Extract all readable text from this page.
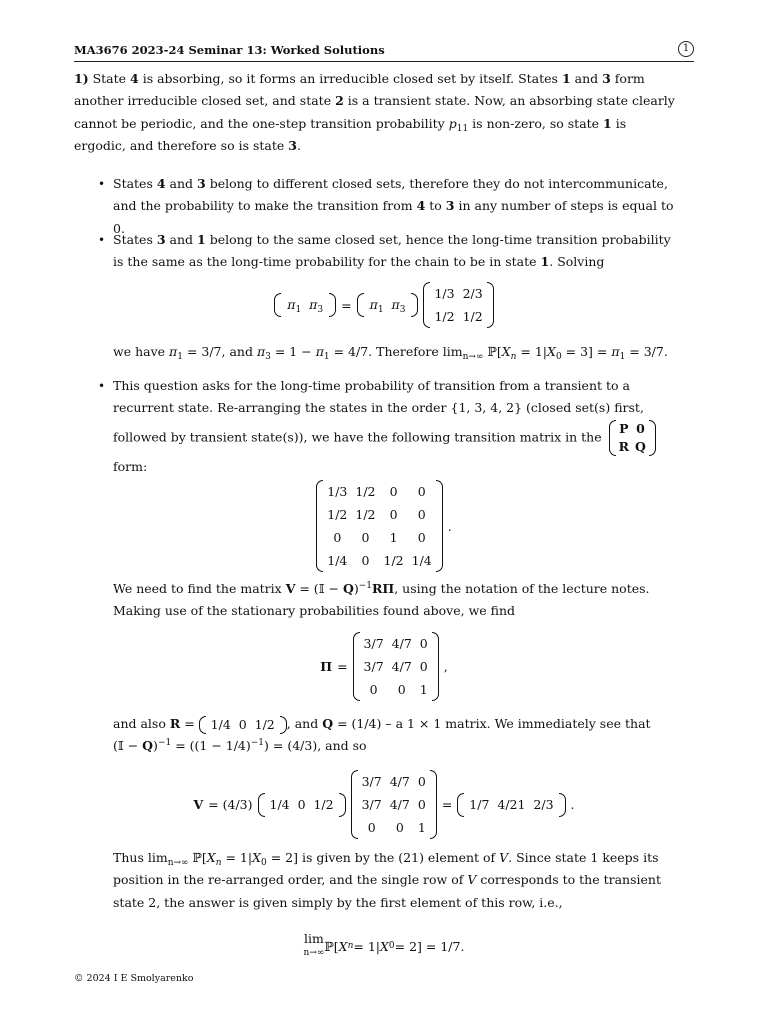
MA3676 2023-24 Seminar 13: Worked Solutions	1
1) State 4 is absorbing, so it forms an irreducible closed set by itself. States 1 and 3 form another irreducible closed set, and state 2 is a transient state. Now, an absorbing state clearly cannot be periodic, and the one-step transition probability $p_{11}$ is non-zero, so state 1 is ergodic, and therefore so is state 3.
• States 4 and 3 belong to different closed sets, therefore they do not intercommunicate, and the probability to make the transition from 4 to 3 in any number of steps is equal to 0.
• States 3 and 1 belong to the same closed set, hence the long-time transition probability is the same as the long-time probability for the chain to be in state 1. Solving
$\pi_1$ $\pi_3$	=	$\pi_1$ $\pi_3$
1/3	2/3
1/2	1/2
we have $\pi_1 = 3/7$, and $\pi_3 = 1 - \pi_1 = 4/7$. Therefore $\lim_{n\to\infty}$ $ℙ[X_n = 1|X_0 = 3] = \pi_1 = 3/7$.
• This question asks for the long-time probability of transition from a transient to a recurrent state. Re-arranging the states in the order {1, 3, 4, 2} (closed set(s) first, followed by transient state(s)), we have the following transition matrix in the
P	0
R	Q
form:
1/3	1/2	0	0
1/2	1/2	0	0
0	0	1	0
1/4	0	1/2	1/4
.
We need to find the matrix V = (𝕀 − Q)$^{-1}$RΠ, using the notation of the lecture notes. Making use of the stationary probabilities found above, we find
Π =
3/7	4/7	0
3/7	4/7	0
0	0	1
,
and also R = 1/4 0 1/2 , and Q = (1/4) – a 1 × 1 matrix. We immediately see that
(𝕀 − $Q)^{-1} = ((1 - 1/4)^{-1}) = (4/3)$, and so
V = (4/3)	1/4 0 1/2
3/7	4/7	0
3/7	4/7	0
0	0	1
=	1/7 4/21 2/3	.
Thus $\lim_{n\to\infty}$ $ℙ[X_n = 1|X_0 = 2]$ is given by the (21) element of V. Since state 1 keeps its position in the re-arranged order, and the single row of V corresponds to the transient state 2, the answer is given simply by the first element of this row, i.e.,
lim
n→∞ ℙ[ X n = 1| X 0 = 2] = 1/7.
© 2024 I E Smolyarenko
